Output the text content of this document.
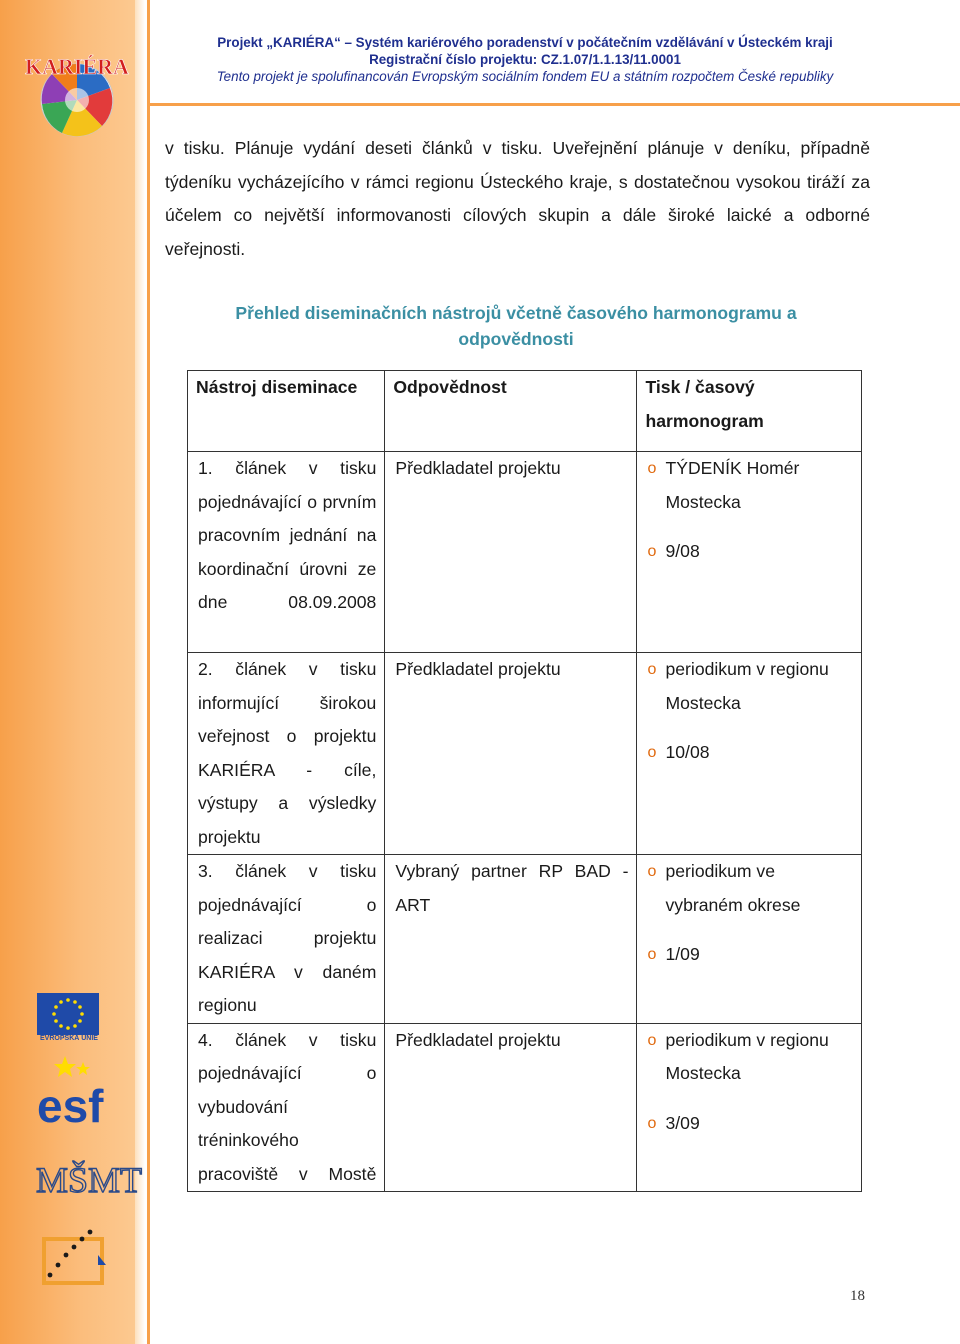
KARIÉRA
Projekt „KARIÉRA“ – Systém kariérového poradenství v počátečním vzdělávání v Ústeckém kraji
Registrační číslo projektu: CZ.1.07/1.1.13/11.0001
Tento projekt je spolufinancován Evropským sociálním fondem EU a státním rozpočtem České republiky
v tisku. Plánuje vydání deseti článků v tisku. Uveřejnění plánuje v deníku, případně týdeníku vycházejícího v rámci regionu Ústeckého kraje, s dostatečnou vysokou tiráží za účelem co největší informovanosti cílových skupin a dále široké laické a odborné veřejnosti.
Přehled diseminačních nástrojů včetně časového harmonogramu a odpovědnosti
Nástroj diseminace	Odpovědnost	Tisk / časový harmonogram
1. článek v tisku pojednávající o prvním pracovním jednání na koordinační úrovni ze dne 08.09.2008	Předkladatel projektu	o TÝDENÍK Homér Mostecka
o 9/08

2. článek v tisku informující širokou veřejnost o projektu KARIÉRA - cíle, výstupy a výsledky projektu	Předkladatel projektu	o periodikum v regionu Mostecka
o 10/08

3. článek v tisku pojednávající o realizaci projektu KARIÉRA v daném regionu	Vybraný partner RP BAD - ART	o periodikum ve vybraném okrese
o 1/09

4. článek v tisku pojednávající o vybudování tréninkového pracoviště v Mostě	Předkladatel projektu	o periodikum v regionu Mostecka
o 3/09
EVROPSKÁ UNIE
esf
MŠMT
18
